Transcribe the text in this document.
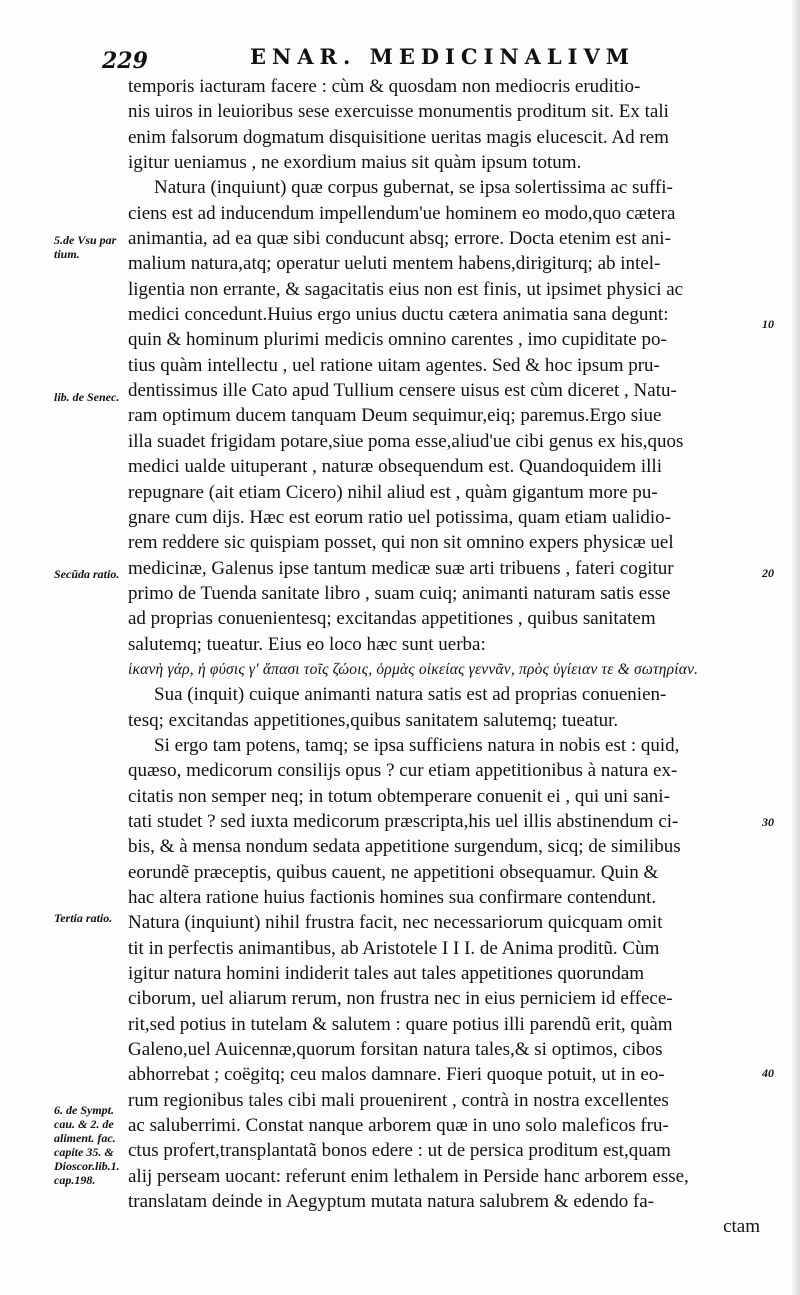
229	ENAR. MEDICINALIVM
temporis iacturam facere : cùm & quosdam non mediocris eruditio-
nis uiros in leuioribus sese exercuisse monumentis proditum sit. Ex tali
enim falsorum dogmatum disquisitione ueritas magis elucescit. Ad rem
igitur ueniamus , ne exordium maius sit quàm ipsum totum.
Natura (inquiunt) quæ corpus gubernat, se ipsa solertissima ac suffi-
ciens est ad inducendum impellendum'ue hominem eo modo,quo cætera
animantia, ad ea quæ sibi conducunt absq; errore. Docta etenim est ani-
malium natura,atq; operatur ueluti mentem habens,dirigiturq; ab intel-
ligentia non errante, & sagacitatis eius non est finis, ut ipsimet physici ac
medici concedunt.Huius ergo unius ductu cætera animatia sana degunt:
quin & hominum plurimi medicis omnino carentes , imo cupiditate po-
tius quàm intellectu , uel ratione uitam agentes. Sed & hoc ipsum pru-
dentissimus ille Cato apud Tullium censere uisus est cùm diceret , Natu-
ram optimum ducem tanquam Deum sequimur,eiq; paremus.Ergo siue
illa suadet frigidam potare,siue poma esse,aliud'ue cibi genus ex his,quos
medici ualde uituperant , naturæ obsequendum est. Quandoquidem illi
repugnare (ait etiam Cicero) nihil aliud est , quàm gigantum more pu-
gnare cum dijs. Hæc est eorum ratio uel potissima, quam etiam ualidio-
rem reddere sic quispiam posset, qui non sit omnino expers physicæ uel
medicinæ, Galenus ipse tantum medicæ suæ arti tribuens , fateri cogitur
primo de Tuenda sanitate libro , suam cuiq; animanti naturam satis esse
ad proprias conuenientesq; excitandas appetitiones , quibus sanitatem
salutemq; tueatur. Eius eo loco hæc sunt uerba:
ἱκανὴ γάρ, ἡ φύσις γ' ἅπασι τοῖς ζώοις, ὁρμὰς οἰκείας γεννᾶν, πρὸς ὑγίειαν τε & σωτηρίαν.
Sua (inquit) cuique animanti natura satis est ad proprias conuenien-
tesq; excitandas appetitiones,quibus sanitatem salutemq; tueatur.
Si ergo tam potens, tamq; se ipsa sufficiens natura in nobis est : quid,
quæso, medicorum consilijs opus ? cur etiam appetitionibus à natura ex-
citatis non semper neq; in totum obtemperare conuenit ei , qui uni sani-
tati studet ? sed iuxta medicorum præscripta,his uel illis abstinendum ci-
bis, & à mensa nondum sedata appetitione surgendum, sicq; de similibus
eorundẽ præceptis, quibus cauent, ne appetitioni obsequamur. Quin &
hac altera ratione huius factionis homines sua confirmare contendunt.
Natura (inquiunt) nihil frustra facit, nec necessariorum quicquam omit
tit in perfectis animantibus, ab Aristotele I I I. de Anima proditũ. Cùm
igitur natura homini indiderit tales aut tales appetitiones quorundam
ciborum, uel aliarum rerum, non frustra nec in eius perniciem id effece-
rit,sed potius in tutelam & salutem : quare potius illi parendũ erit, quàm
Galeno,uel Auicennæ,quorum forsitan natura tales,& si optimos, cibos
abhorrebat ; coëgitq; ceu malos damnare. Fieri quoque potuit, ut in eo-
rum regionibus tales cibi mali prouenirent , contrà in nostra excellentes
ac saluberrimi. Constat nanque arborem quæ in uno solo maleficos fru-
ctus profert,transplantatã bonos edere : ut de persica proditum est,quam
alij perseam uocant: referunt enim lethalem in Perside hanc arborem esse,
translatam deinde in Aegyptum mutata natura salubrem & edendo fa-
ctam
5.de Vsu par
tium.
lib. de Senec.
Secũda ratio.
Tertia ratio.
6. de Sympt.
cau. & 2. de
aliment. fac.
capite 35. &
Dioscor.lib.1.
cap.198.
10
20
30
40
